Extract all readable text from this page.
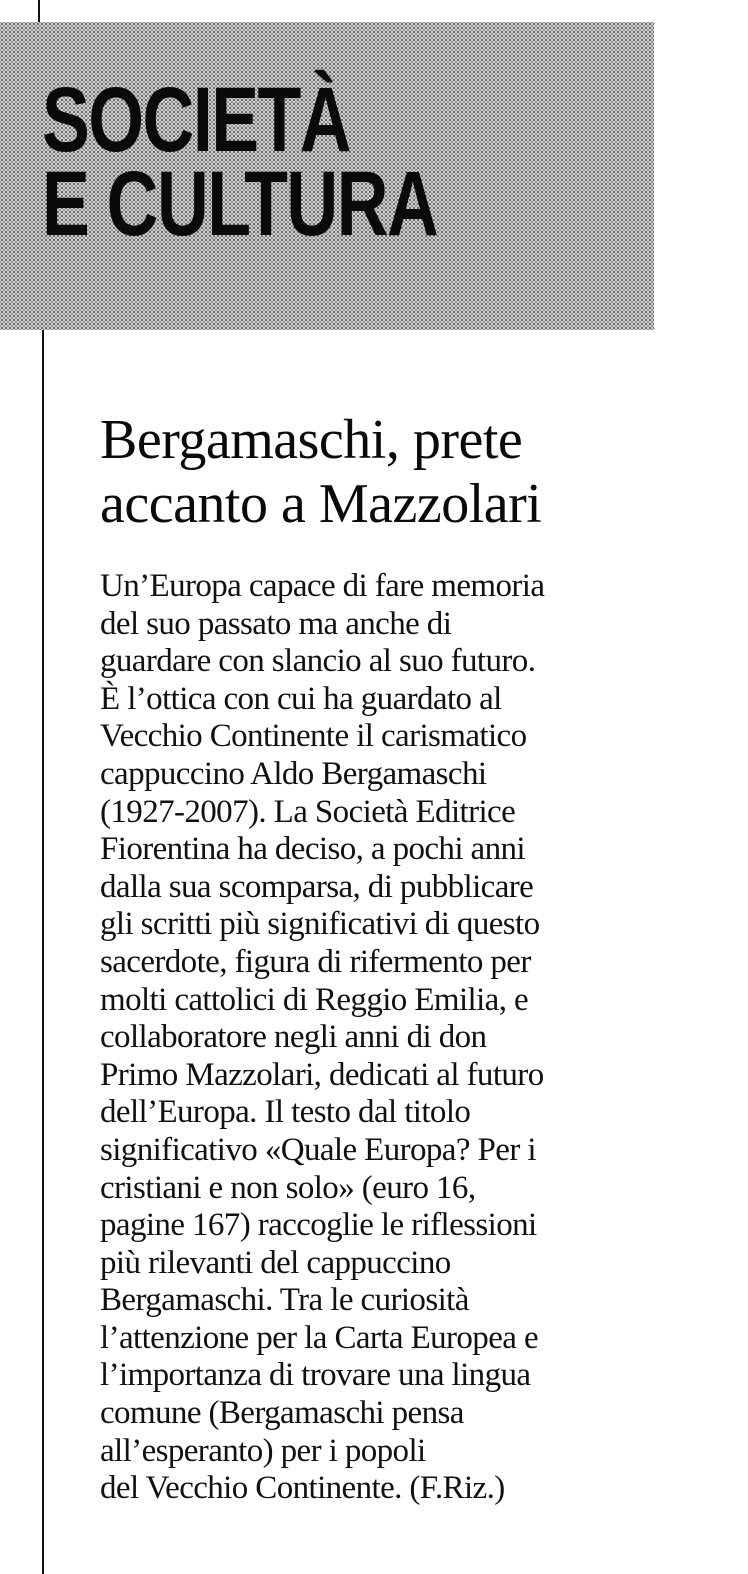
SOCIETÀ
E CULTURA
Bergamaschi, prete
accanto a Mazzolari
Un’Europa capace di fare memoria
del suo passato ma anche di
guardare con slancio al suo futuro.
È l’ottica con cui ha guardato al
Vecchio Continente il carismatico
cappuccino Aldo Bergamaschi
(1927-2007). La Società Editrice
Fiorentina ha deciso, a pochi anni
dalla sua scomparsa, di pubblicare
gli scritti più significativi di questo
sacerdote, figura di rifermento per
molti cattolici di Reggio Emilia, e
collaboratore negli anni di don
Primo Mazzolari, dedicati al futuro
dell’Europa. Il testo dal titolo
significativo «Quale Europa? Per i
cristiani e non solo» (euro 16,
pagine 167) raccoglie le riflessioni
più rilevanti del cappuccino
Bergamaschi. Tra le curiosità
l’attenzione per la Carta Europea e
l’importanza di trovare una lingua
comune (Bergamaschi pensa
all’esperanto) per i popoli
del Vecchio Continente. (F.Riz.)
